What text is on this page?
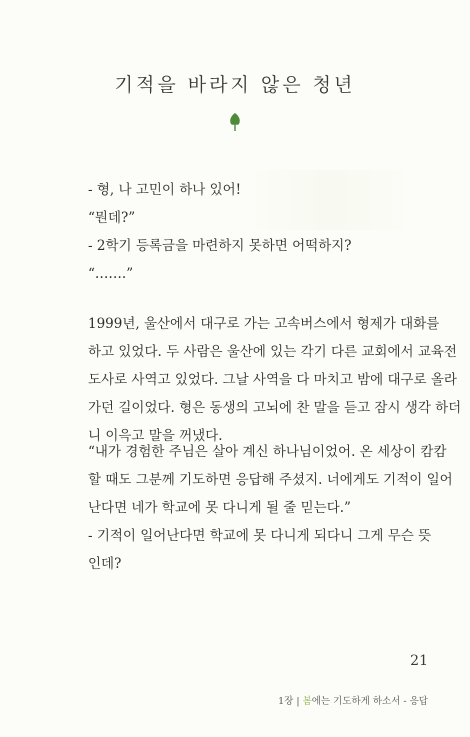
기적을 바라지 않은 청년
- 형, 나 고민이 하나 있어!
“뭔데?”
- 2학기 등록금을 마련하지 못하면 어떡하지?
“…….”
1999년, 울산에서 대구로 가는 고속버스에서 형제가 대화를
하고 있었다. 두 사람은 울산에 있는 각기 다른 교회에서 교육전
도사로 사역고 있었다. 그날 사역을 다 마치고 밤에 대구로 올라
가던 길이었다. 형은 동생의 고뇌에 찬 말을 듣고 잠시 생각 하더
니 이윽고 말을 꺼냈다.
“내가 경험한 주님은 살아 계신 하나님이었어. 온 세상이 캄캄
할 때도 그분께 기도하면 응답해 주셨지. 너에게도 기적이 일어
난다면 네가 학교에 못 다니게 될 줄 믿는다.”
- 기적이 일어난다면 학교에 못 다니게 되다니 그게 무슨 뜻
인데?
21
1장 | 봄에는 기도하게 하소서 - 응답
